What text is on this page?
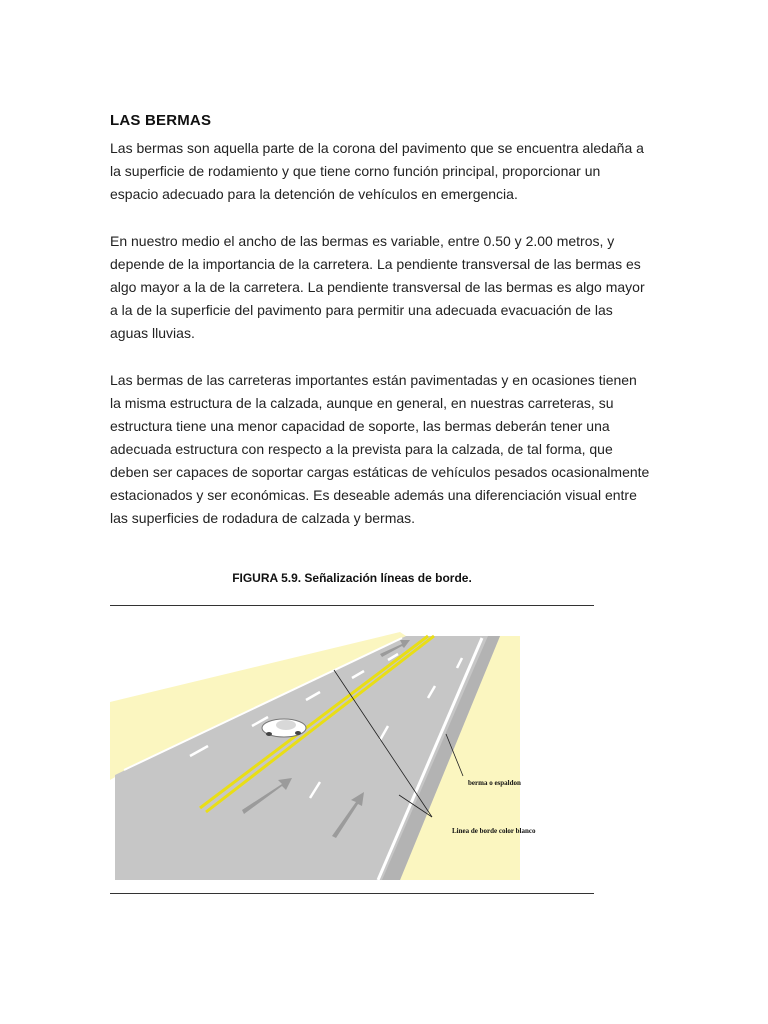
LAS BERMAS

Las bermas son aquella parte de la corona del pavimento que se encuentra aledaña a
la superficie de rodamiento y que tiene corno función principal, proporcionar un
espacio adecuado para la detención de vehículos en emergencia.

En nuestro medio el ancho de las bermas es variable, entre 0.50 y 2.00 metros, y
depende de la importancia de la carretera. La pendiente transversal de las bermas es
algo mayor a la de la carretera. La pendiente transversal de las bermas es algo mayor
a la de la superficie del pavimento para permitir una adecuada evacuación de las
aguas lluvias.

Las bermas de las carreteras importantes están pavimentadas y en ocasiones tienen
la misma estructura de la calzada, aunque en general, en nuestras carreteras, su
estructura tiene una menor capacidad de soporte, las bermas deberán tener una
adecuada estructura con respecto a la prevista para la calzada, de tal forma, que
deben ser capaces de soportar cargas estáticas de vehículos pesados ocasionalmente
estacionados y ser económicas. Es deseable además una diferenciación visual entre
las superficies de rodadura de calzada y bermas.

FIGURA 5.9. Señalización líneas de borde.
berma o espaldon
Linea de borde color blanco
